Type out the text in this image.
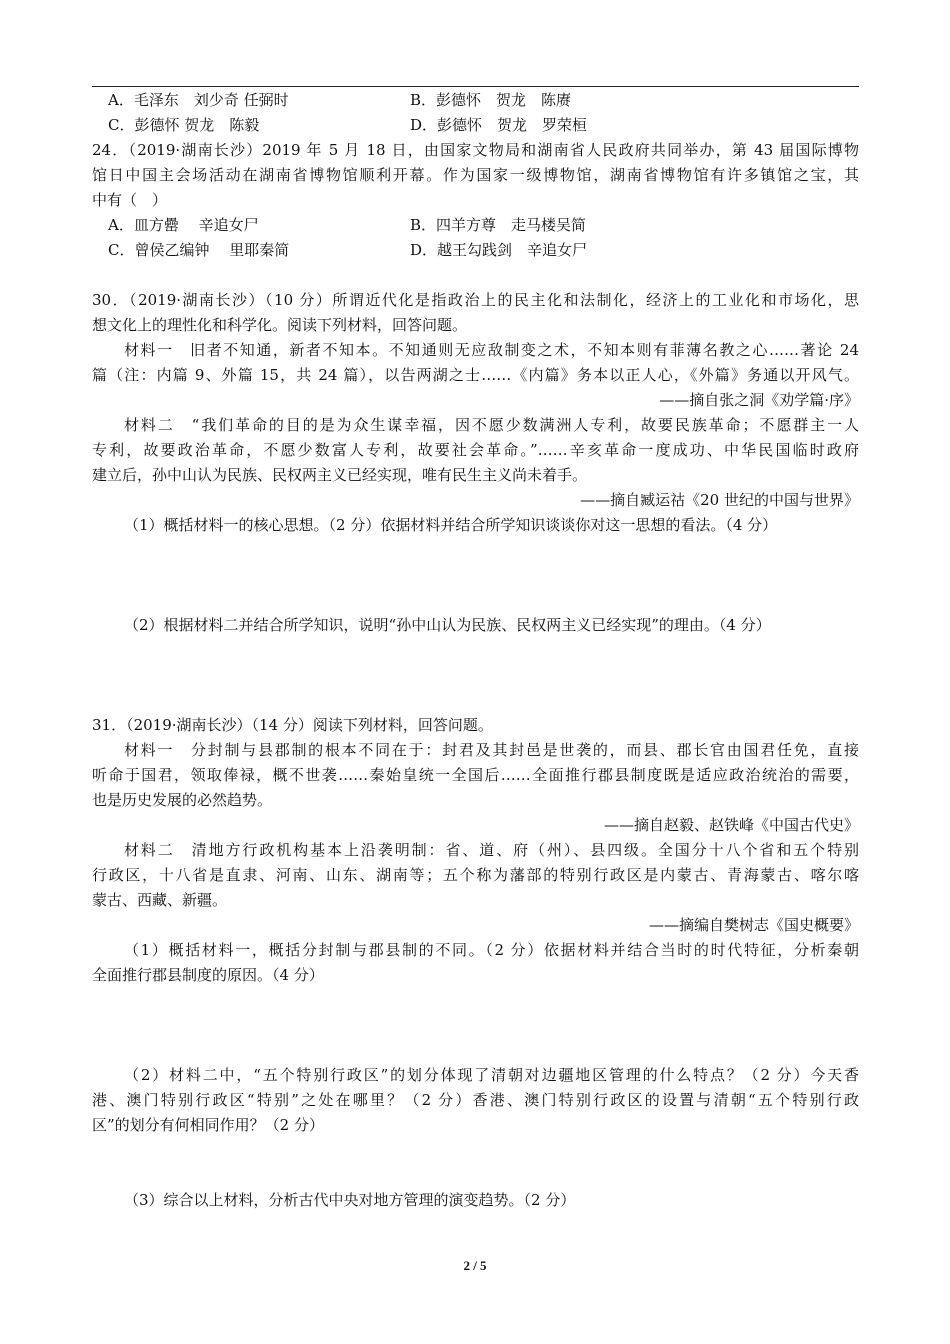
A．毛泽东　刘少奇 任弼时	B．彭德怀　贺龙　陈赓
C．彭德怀 贺龙　陈毅	D．彭德怀　贺龙　罗荣桓
24．（2019·湖南长沙）2019 年 5 月 18 日，由国家文物局和湖南省人民政府共同举办，第 43 届国际博物
馆日中国主会场活动在湖南省博物馆顺利开幕。作为国家一级博物馆，湖南省博物馆有许多镇馆之宝，其
中有（　）
A．皿方罍　 辛追女尸	B．四羊方尊　走马楼吴简
C．曾侯乙编钟　 里耶秦简	D．越王勾践剑　辛追女尸
30．（2019·湖南长沙）（10 分）所谓近代化是指政治上的民主化和法制化，经济上的工业化和市场化，思
想文化上的理性化和科学化。阅读下列材料，回答问题。
材料一　旧者不知通，新者不知本。不知通则无应敌制变之术，不知本则有菲薄名教之心……著论 24
篇（注：内篇 9、外篇 15，共 24 篇），以告两湖之士……《内篇》务本以正人心，《外篇》务通以开风气。
——摘自张之洞《劝学篇·序》
材料二　“我们革命的目的是为众生谋幸福，因不愿少数满洲人专利，故要民族革命；不愿群主一人
专利，故要政治革命，不愿少数富人专利，故要社会革命。”……辛亥革命一度成功、中华民国临时政府
建立后，孙中山认为民族、民权两主义已经实现，唯有民生主义尚未着手。
——摘自臧运祜《20 世纪的中国与世界》
（1）概括材料一的核心思想。（2 分）依据材料并结合所学知识谈谈你对这一思想的看法。（4 分）
（2）根据材料二并结合所学知识，说明“孙中山认为民族、民权两主义已经实现”的理由。（4 分）
31．（2019·湖南长沙）（14 分）阅读下列材料，回答问题。
材料一　分封制与县郡制的根本不同在于：封君及其封邑是世袭的，而县、郡长官由国君任免，直接
听命于国君，领取俸禄，概不世袭……秦始皇统一全国后……全面推行郡县制度既是适应政治统治的需要，
也是历史发展的必然趋势。
——摘自赵毅、赵铁峰《中国古代史》
材料二　清地方行政机构基本上沿袭明制：省、道、府（州）、县四级。全国分十八个省和五个特别
行政区，十八省是直隶、河南、山东、湖南等；五个称为藩部的特别行政区是内蒙古、青海蒙古、喀尔喀
蒙古、西藏、新疆。
——摘编自樊树志《国史概要》
（1）概括材料一，概括分封制与郡县制的不同。（2 分）依据材料并结合当时的时代特征，分析秦朝
全面推行郡县制度的原因。（4 分）
（2）材料二中，“五个特别行政区”的划分体现了清朝对边疆地区管理的什么特点？（2 分）今天香
港、澳门特别行政区“特别”之处在哪里？（2 分）香港、澳门特别行政区的设置与清朝“五个特别行政
区”的划分有何相同作用？（2 分）
（3）综合以上材料，分析古代中央对地方管理的演变趋势。（2 分）
2 / 5
